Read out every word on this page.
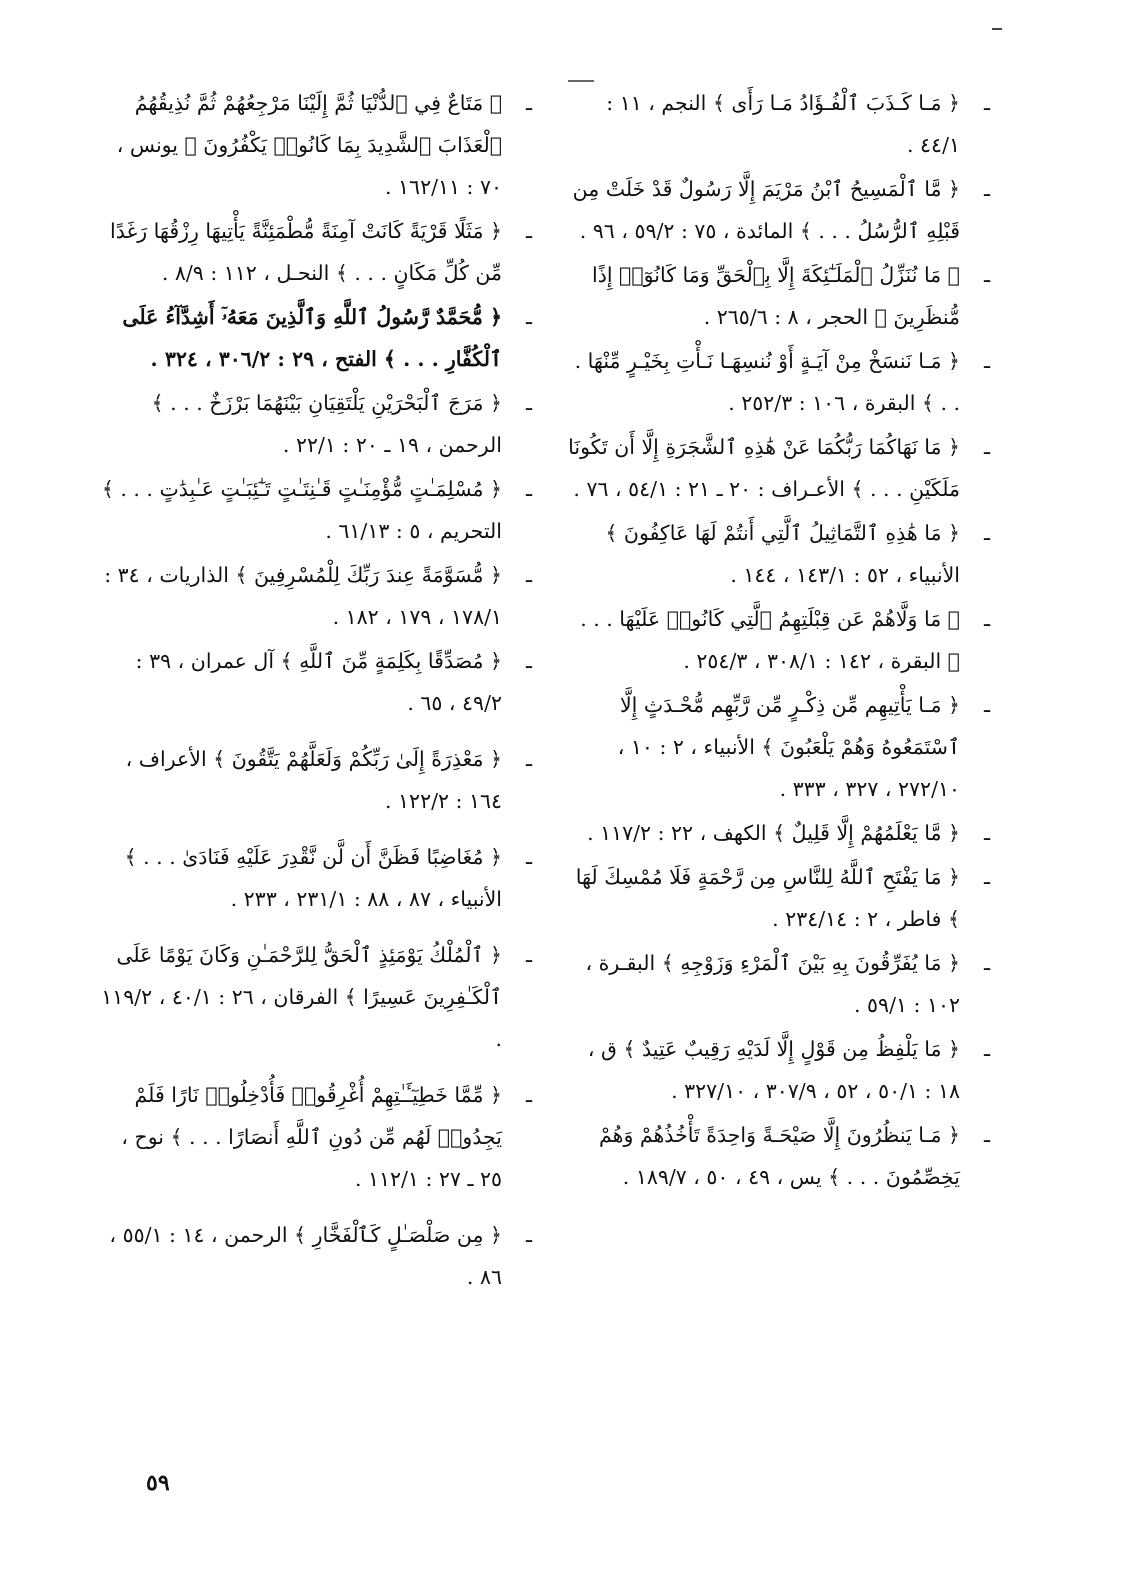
ـ
﴿ مَـا كَـذَبَ ٱلْفُـؤَادُ مَـا رَأَى ﴾ النجم ، ١١ : ٤٤/١ .
ـ
﴿ مَّا ٱلْمَسِيحُ ٱبْنُ مَرْيَمَ إِلَّا رَسُولٌ قَدْ خَلَتْ مِن قَبْلِهِ ٱلرُّسُلُ . . . ﴾ المائدة ، ٧٥ : ٥٩/٢ ، ٩٦ .
ـ
﴿ مَا نُنَزِّلُ ٱلْمَلَـٰٓئِكَةَ إِلَّا بِٱلْحَقِّ وَمَا كَانُوٓا۟ إِذًا مُّنظَرِينَ ﴾ الحجر ، ٨ : ٢٦٥/٦ .
ـ
﴿ مَـا نَنسَخْ مِنْ آيَـةٍ أَوْ نُنسِهَـا نَـأْتِ بِخَيْـرٍ مِّنْهَا . . . ﴾ البقرة ، ١٠٦ : ٢٥٢/٣ .
ـ
﴿ مَا نَهَاكُمَا رَبُّكُمَا عَنْ هَٰذِهِ ٱلشَّجَرَةِ إِلَّا أَن تَكُونَا مَلَكَيْنِ . . . ﴾ الأعـراف : ٢٠ ـ ٢١ : ٥٤/١ ، ٧٦ .
ـ
﴿ مَا هَٰذِهِ ٱلتَّمَاثِيلُ ٱلَّتِي أَنتُمْ لَهَا عَاكِفُونَ ﴾ الأنبياء ، ٥٢ : ١٤٣/١ ، ١٤٤ .
ـ
﴿ مَا وَلَّاهُمْ عَن قِبْلَتِهِمُ ٱلَّتِي كَانُوا۟ عَلَيْهَا . . . ﴾ البقرة ، ١٤٢ : ٣٠٨/١ ، ٢٥٤/٣ .
ـ
﴿ مَـا يَأْتِيهِم مِّن ذِكْـرٍ مِّن رَّبِّهِم مُّحْـدَثٍ إِلَّا ٱسْتَمَعُوهُ وَهُمْ يَلْعَبُونَ ﴾ الأنبياء ، ٢ : ١٠ ، ٢٧٢/١٠ ، ٣٢٧ ، ٣٣٣ .
ـ
﴿ مَّا يَعْلَمُهُمْ إِلَّا قَلِيلٌ ﴾ الكهف ، ٢٢ : ١١٧/٢ .
ـ
﴿ مَا يَفْتَحِ ٱللَّهُ لِلنَّاسِ مِن رَّحْمَةٍ فَلَا مُمْسِكَ لَهَا ﴾ فاطر ، ٢ : ٢٣٤/١٤ .
ـ
﴿ مَا يُفَرِّقُونَ بِهِ بَيْنَ ٱلْمَرْءِ وَزَوْجِهِ ﴾ البقـرة ، ١٠٢ : ٥٩/١ .
ـ
﴿ مَا يَلْفِظُ مِن قَوْلٍ إِلَّا لَدَيْهِ رَقِيبٌ عَتِيدٌ ﴾ ق ، ١٨ : ٥٠/١ ، ٥٢ ، ٣٠٧/٩ ، ٣٢٧/١٠ .
ـ
﴿ مَـا يَنظُرُونَ إِلَّا صَيْحَـةً وَاحِدَةً تَأْخُذُهُمْ وَهُمْ يَخِصِّمُونَ . . . ﴾ يس ، ٤٩ ، ٥٠ ، ١٨٩/٧ .
ـ
﴿ مَتَاعٌ فِي ٱلدُّنْيَا ثُمَّ إِلَيْنَا مَرْجِعُهُمْ ثُمَّ نُذِيقُهُمُ ٱلْعَذَابَ ٱلشَّدِيدَ بِمَا كَانُوا۟ يَكْفُرُونَ ﴾ يونس ، ٧٠ : ١٦٢/١١ .
ـ
﴿ مَثَلًا قَرْيَةً كَانَتْ آمِنَةً مُّطْمَئِنَّةً يَأْتِيهَا رِزْقُهَا رَغَدًا مِّن كُلِّ مَكَانٍ . . . ﴾ النحـل ، ١١٢ : ٨/٩ .
ـ
﴿ مُّحَمَّدٌ رَّسُولُ ٱللَّهِ وَٱلَّذِينَ مَعَهُۥٓ أَشِدَّآءُ عَلَى ٱلْكُفَّارِ . . . ﴾ الفتح ، ٢٩ : ٣٠٦/٢ ، ٣٢٤ .
ـ
﴿ مَرَجَ ٱلْبَحْرَيْنِ يَلْتَقِيَانِ بَيْنَهُمَا بَرْزَخٌ . . . ﴾ الرحمن ، ١٩ ـ ٢٠ : ٢٢/١ .
ـ
﴿ مُسْلِمَـٰتٍ مُّؤْمِنَـٰتٍ قَـٰنِتَـٰتٍ تَـٰٓئِبَـٰتٍ عَـٰبِدَٰتٍ . . . ﴾ التحريم ، ٥ : ٦١/١٣ .
ـ
﴿ مُّسَوَّمَةً عِندَ رَبِّكَ لِلْمُسْرِفِينَ ﴾ الذاريات ، ٣٤ : ١٧٨/١ ، ١٧٩ ، ١٨٢ .
ـ
﴿ مُصَدِّقًا بِكَلِمَةٍ مِّنَ ٱللَّهِ ﴾ آل عمران ، ٣٩ : ٤٩/٢ ، ٦٥ .
ـ
﴿ مَعْذِرَةً إِلَىٰ رَبِّكُمْ وَلَعَلَّهُمْ يَتَّقُونَ ﴾ الأعراف ، ١٦٤ : ١٢٢/٢ .
ـ
﴿ مُغَاضِبًا فَظَنَّ أَن لَّن نَّقْدِرَ عَلَيْهِ فَنَادَىٰ . . . ﴾ الأنبياء ، ٨٧ ، ٨٨ : ٢٣١/١ ، ٢٣٣ .
ـ
﴿ ٱلْمُلْكُ يَوْمَئِذٍ ٱلْحَقُّ لِلرَّحْمَـٰنِ وَكَانَ يَوْمًا عَلَى ٱلْكَـٰفِرِينَ عَسِيرًا ﴾ الفرقان ، ٢٦ : ٤٠/١ ، ١١٩/٢ .
ـ
﴿ مِّمَّا خَطِيٓـَٔـٰتِهِمْ أُغْرِقُوا۟ فَأُدْخِلُوا۟ نَارًا فَلَمْ يَجِدُوا۟ لَهُم مِّن دُونِ ٱللَّهِ أَنصَارًا . . . ﴾ نوح ، ٢٥ ـ ٢٧ : ١١٢/١ .
ـ
﴿ مِن صَلْصَـٰلٍ كَٱلْفَخَّارِ ﴾ الرحمن ، ١٤ : ٥٥/١ ، ٨٦ .
٥٩
